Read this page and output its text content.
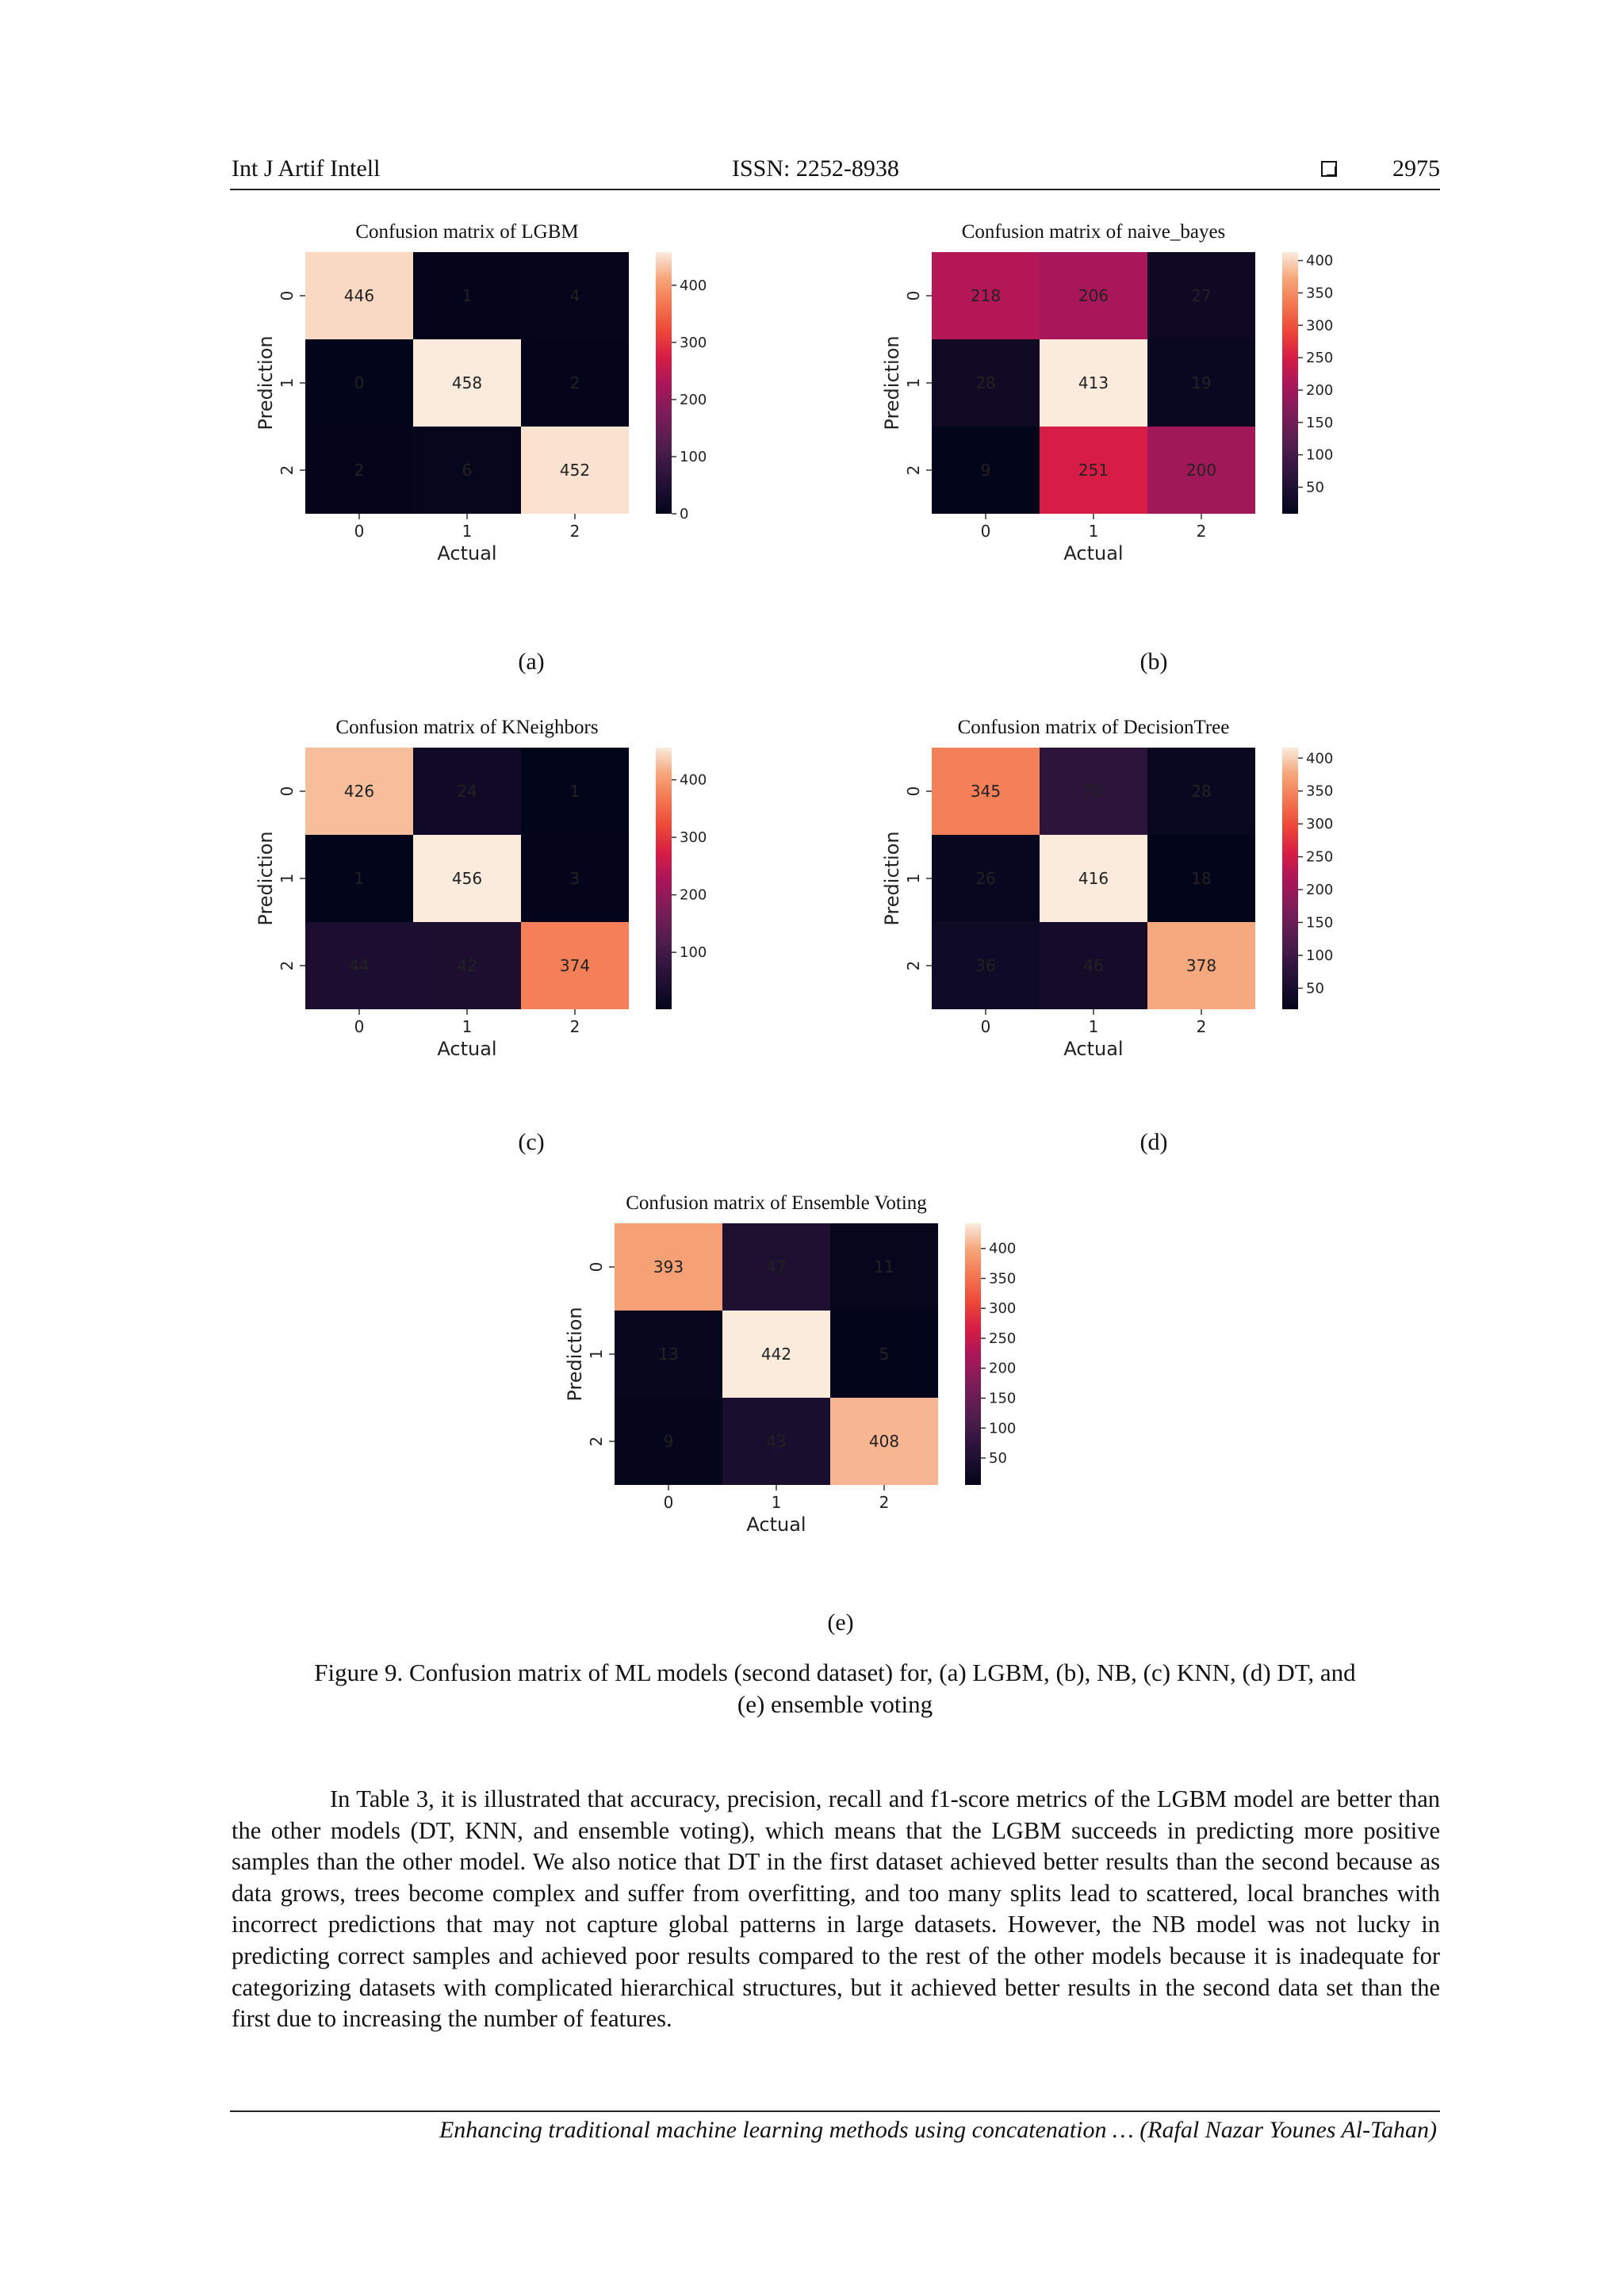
Int J Artif Intell	ISSN: 2252-8938	2975
Confusion matrix of LGBM
446	1	4
0	458	2
2	6	452
0	1	2
Actual
0
1
2
Prediction
0
100
200
300
400
Confusion matrix of naive_bayes
218	206	27
28	413	19
9	251	200
0	1	2
Actual
0
1
2
Prediction
50
100
150
200
250
300
350
400
Confusion matrix of KNeighbors
426	24	1
1	456	3
44	42	374
0	1	2
Actual
0
1
2
Prediction
100
200
300
400
Confusion matrix of DecisionTree
345	78	28
26	416	18
36	46	378
0	1	2
Actual
0
1
2
Prediction
50
100
150
200
250
300
350
400
Confusion matrix of Ensemble Voting
393	47	11
13	442	5
9	43	408
0	1	2
Actual
0
1
2
Prediction
50
100
150
200
250
300
350
400
(a)	(b)
(c)	(d)
(e)
Figure 9. Confusion matrix of ML models (second dataset) for, (a) LGBM, (b), NB, (c) KNN, (d) DT, and
(e) ensemble voting

In Table 3, it is illustrated that accuracy, precision, recall and f1-score metrics of the LGBM model are better than the other models (DT, KNN, and ensemble voting), which means that the LGBM succeeds in predicting more positive samples than the other model. We also notice that DT in the first dataset achieved better results than the second because as data grows, trees become complex and suffer from overfitting, and too many splits lead to scattered, local branches with incorrect predictions that may not capture global patterns in large datasets. However, the NB model was not lucky in predicting correct samples and achieved poor results compared to the rest of the other models because it is inadequate for categorizing datasets with complicated hierarchical structures, but it achieved better results in the second data set than the first due to increasing the number of features.

Enhancing traditional machine learning methods using concatenation … (Rafal Nazar Younes Al-Tahan)
